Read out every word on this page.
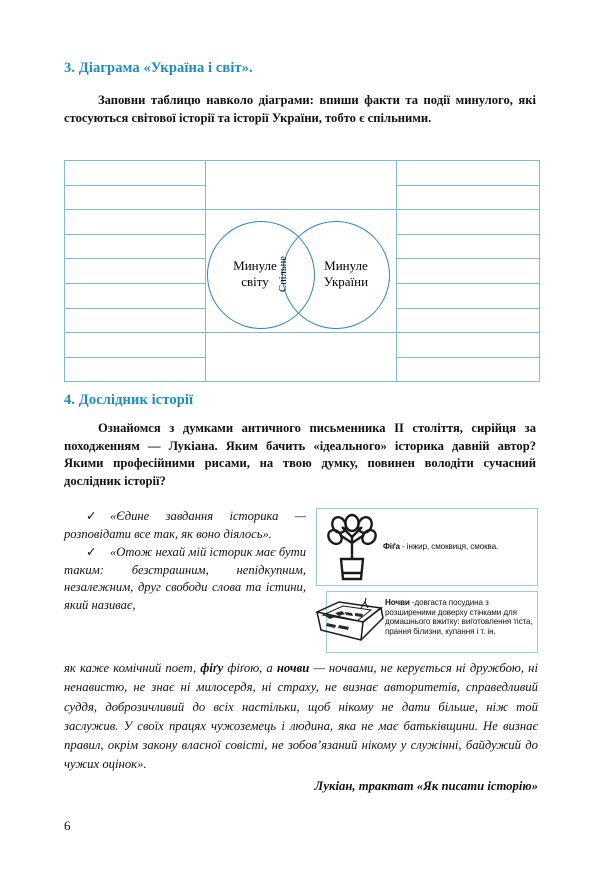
3. Діаграма «Україна і світ».
Заповни таблицю навколо діаграми: впиши факти та події минулого, які стосуються світової історії та історії України, тобто є спільними.

Минуле світу
Минуле України
Спільне
4. Дослідник історії
Ознайомся з думками античного письменника II століття, сирійця за походженням — Лукіана. Яким бачить «ідеального» історика давній автор? Якими професійними рисами, на твою думку, повинен володіти сучасний дослідник історії?

✓ «Єдине завдання історика — розповідати все так, як воно діялось».

✓ «Отож нехай мій історик має бути таким: безстрашним, непідкупним, незалежним, друг свободи слова та істини, який називає,

Фіґа - інжир, смоквиця, смоква.
Ночви -довгаста посудина з розширеними доверху стінками для домашнього вжитку: виготовлення тіста, прання білизни, купання і т. ін.
як каже комічний поет, фіґу фіґою, а ночви — ночвами, не керується ні дружбою, ні ненавистю, не знає ні милосердя, ні страху, не визнає авторитетів, справедливий суддя, доброзичливий до всіх настільки, щоб нікому не дати більше, ніж той заслужив. У своїх працях чужоземець і людина, яка не має батьківщини. Не визнає правил, окрім закону власної совісті, не зобов’язаний нікому у служінні, байдужий до чужих оцінок».
Лукіан, трактат «Як писати історію»
6
